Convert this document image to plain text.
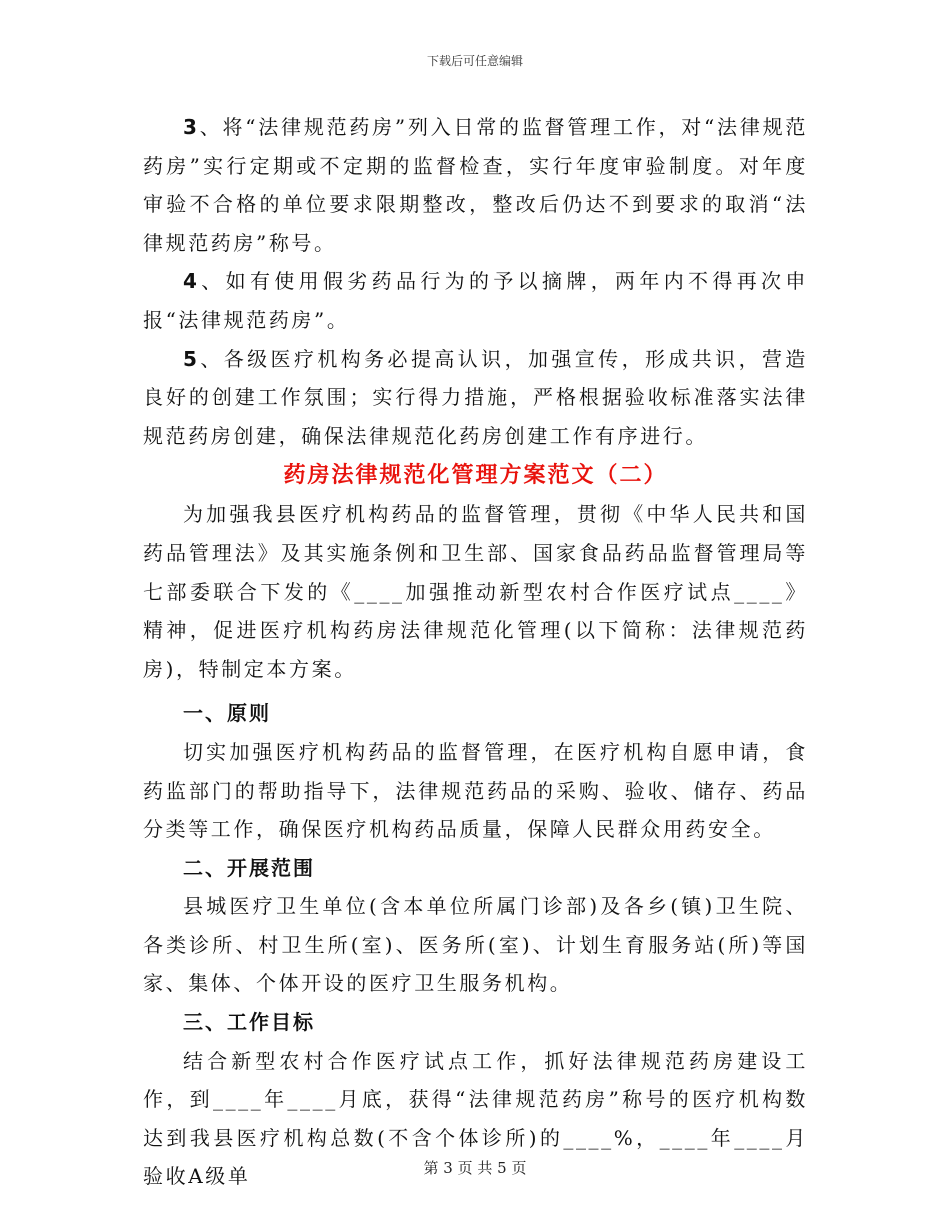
下载后可任意编辑

3、将“法律规范药房”列入日常的监督管理工作，对“法律规范药房”实行定期或不定期的监督检查，实行年度审验制度。对年度审验不合格的单位要求限期整改，整改后仍达不到要求的取消“法律规范药房”称号。

4、如有使用假劣药品行为的予以摘牌，两年内不得再次申报“法律规范药房”。

5、各级医疗机构务必提高认识，加强宣传，形成共识，营造良好的创建工作氛围；实行得力措施，严格根据验收标准落实法律规范药房创建，确保法律规范化药房创建工作有序进行。

药房法律规范化管理方案范文（二）

为加强我县医疗机构药品的监督管理，贯彻《中华人民共和国药品管理法》及其实施条例和卫生部、国家食品药品监督管理局等七部委联合下发的《____加强推动新型农村合作医疗试点____》精神，促进医疗机构药房法律规范化管理(以下简称：法律规范药房)，特制定本方案。

一、原则

切实加强医疗机构药品的监督管理，在医疗机构自愿申请，食药监部门的帮助指导下，法律规范药品的采购、验收、储存、药品分类等工作，确保医疗机构药品质量，保障人民群众用药安全。

二、开展范围

县城医疗卫生单位(含本单位所属门诊部)及各乡(镇)卫生院、各类诊所、村卫生所(室)、医务所(室)、计划生育服务站(所)等国家、集体、个体开设的医疗卫生服务机构。

三、工作目标

结合新型农村合作医疗试点工作，抓好法律规范药房建设工作，到____年____月底，获得“法律规范药房”称号的医疗机构数达到我县医疗机构总数(不含个体诊所)的____%，____年____月验收A级单	第 3 页 共 5 页
